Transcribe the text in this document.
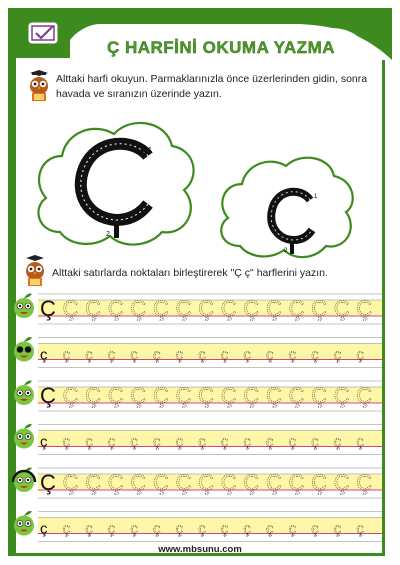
Ç HARFİNİ OKUMA YAZMA
Alttaki harfi okuyun. Parmaklarınızla önce üzerlerinden gidin, sonra havada ve sıranızın üzerinde yazın.
1
2
1
2
Alttaki satırlarda noktaları birleştirerek "Ç ç" harflerini yazın.
Ç Ç Ç Ç Ç Ç Ç Ç Ç Ç Ç Ç Ç Ç Ç
ç ç ç ç ç ç ç ç ç ç ç ç ç ç ç
Ç Ç Ç Ç Ç Ç Ç Ç Ç Ç Ç Ç Ç Ç Ç
ç ç ç ç ç ç ç ç ç ç ç ç ç ç ç
Ç Ç Ç Ç Ç Ç Ç Ç Ç Ç Ç Ç Ç Ç Ç
ç ç ç ç ç ç ç ç ç ç ç ç ç ç ç
www.mbsunu.com
